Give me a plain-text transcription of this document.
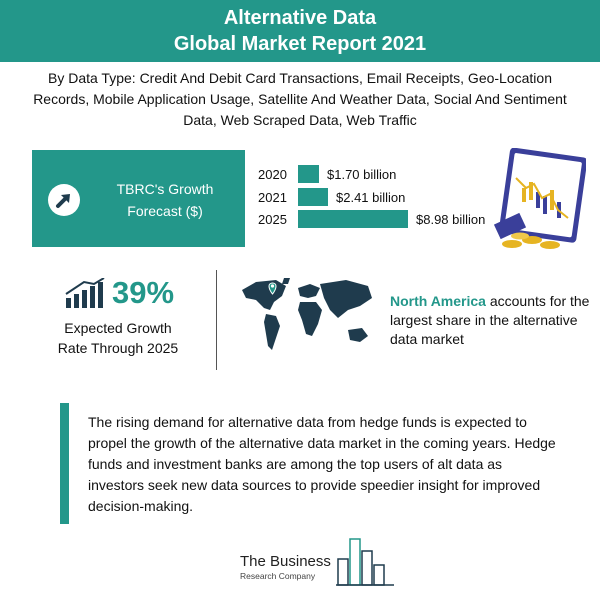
Alternative Data
Global Market Report 2021
By Data Type: Credit And Debit Card Transactions, Email Receipts, Geo-Location Records, Mobile Application Usage, Satellite And Weather Data, Social And Sentiment Data, Web Scraped Data, Web Traffic
TBRC's Growth Forecast ($)
2020	$1.70 billion
2021	$2.41 billion
2025	$8.98 billion
39%
Expected Growth Rate Through 2025
North America accounts for the largest share in the alternative data market
The rising demand for alternative data from hedge funds is expected to propel the growth of the alternative data market in the coming years. Hedge funds and investment banks are among the top users of alt data as investors seek new data sources to provide speedier insight for improved decision-making.
The Business
Research Company
